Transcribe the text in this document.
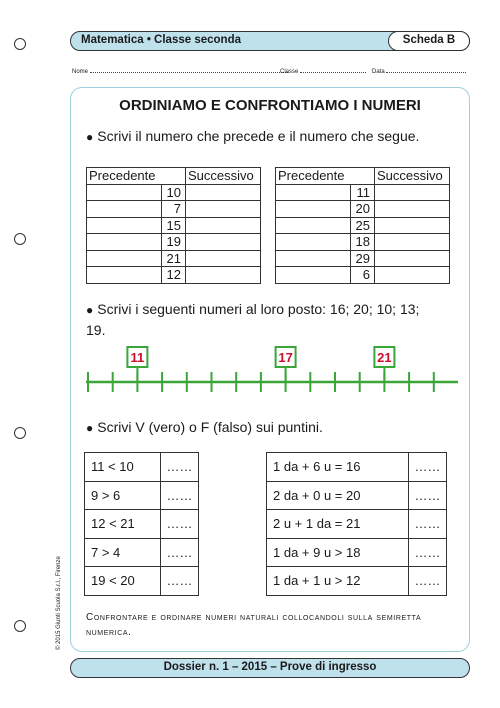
Matematica • Classe seconda	Scheda B
Nome	Classe	Data
ORDINIAMO E CONFRONTIAMO I NUMERI
● Scrivi il numero che precede e il numero che segue.
Precedente		Successivo
	10	
	7	
	15	
	19	
	21	
	12	
Precedente		Successivo
	11	
	20	
	25	
	18	
	29	
	6	
● Scrivi i seguenti numeri al loro posto: 16; 20; 10; 13;
19.
11	17	21
● Scrivi V (vero) o F (falso) sui puntini.
11 < 10	……
9 > 6	……
12 < 21	……
7 > 4	……
19 < 20	……
1 da + 6 u = 16	……
2 da + 0 u = 20	……
2 u + 1 da = 21	……
1 da + 9 u > 18	……
1 da + 1 u > 12	……
Confrontare e ordinare numeri naturali collocandoli sulla semiretta numerica.
Dossier n. 1 – 2015 – Prove di ingresso
© 2015 Giunti Scuola S.r.l., Firenze
